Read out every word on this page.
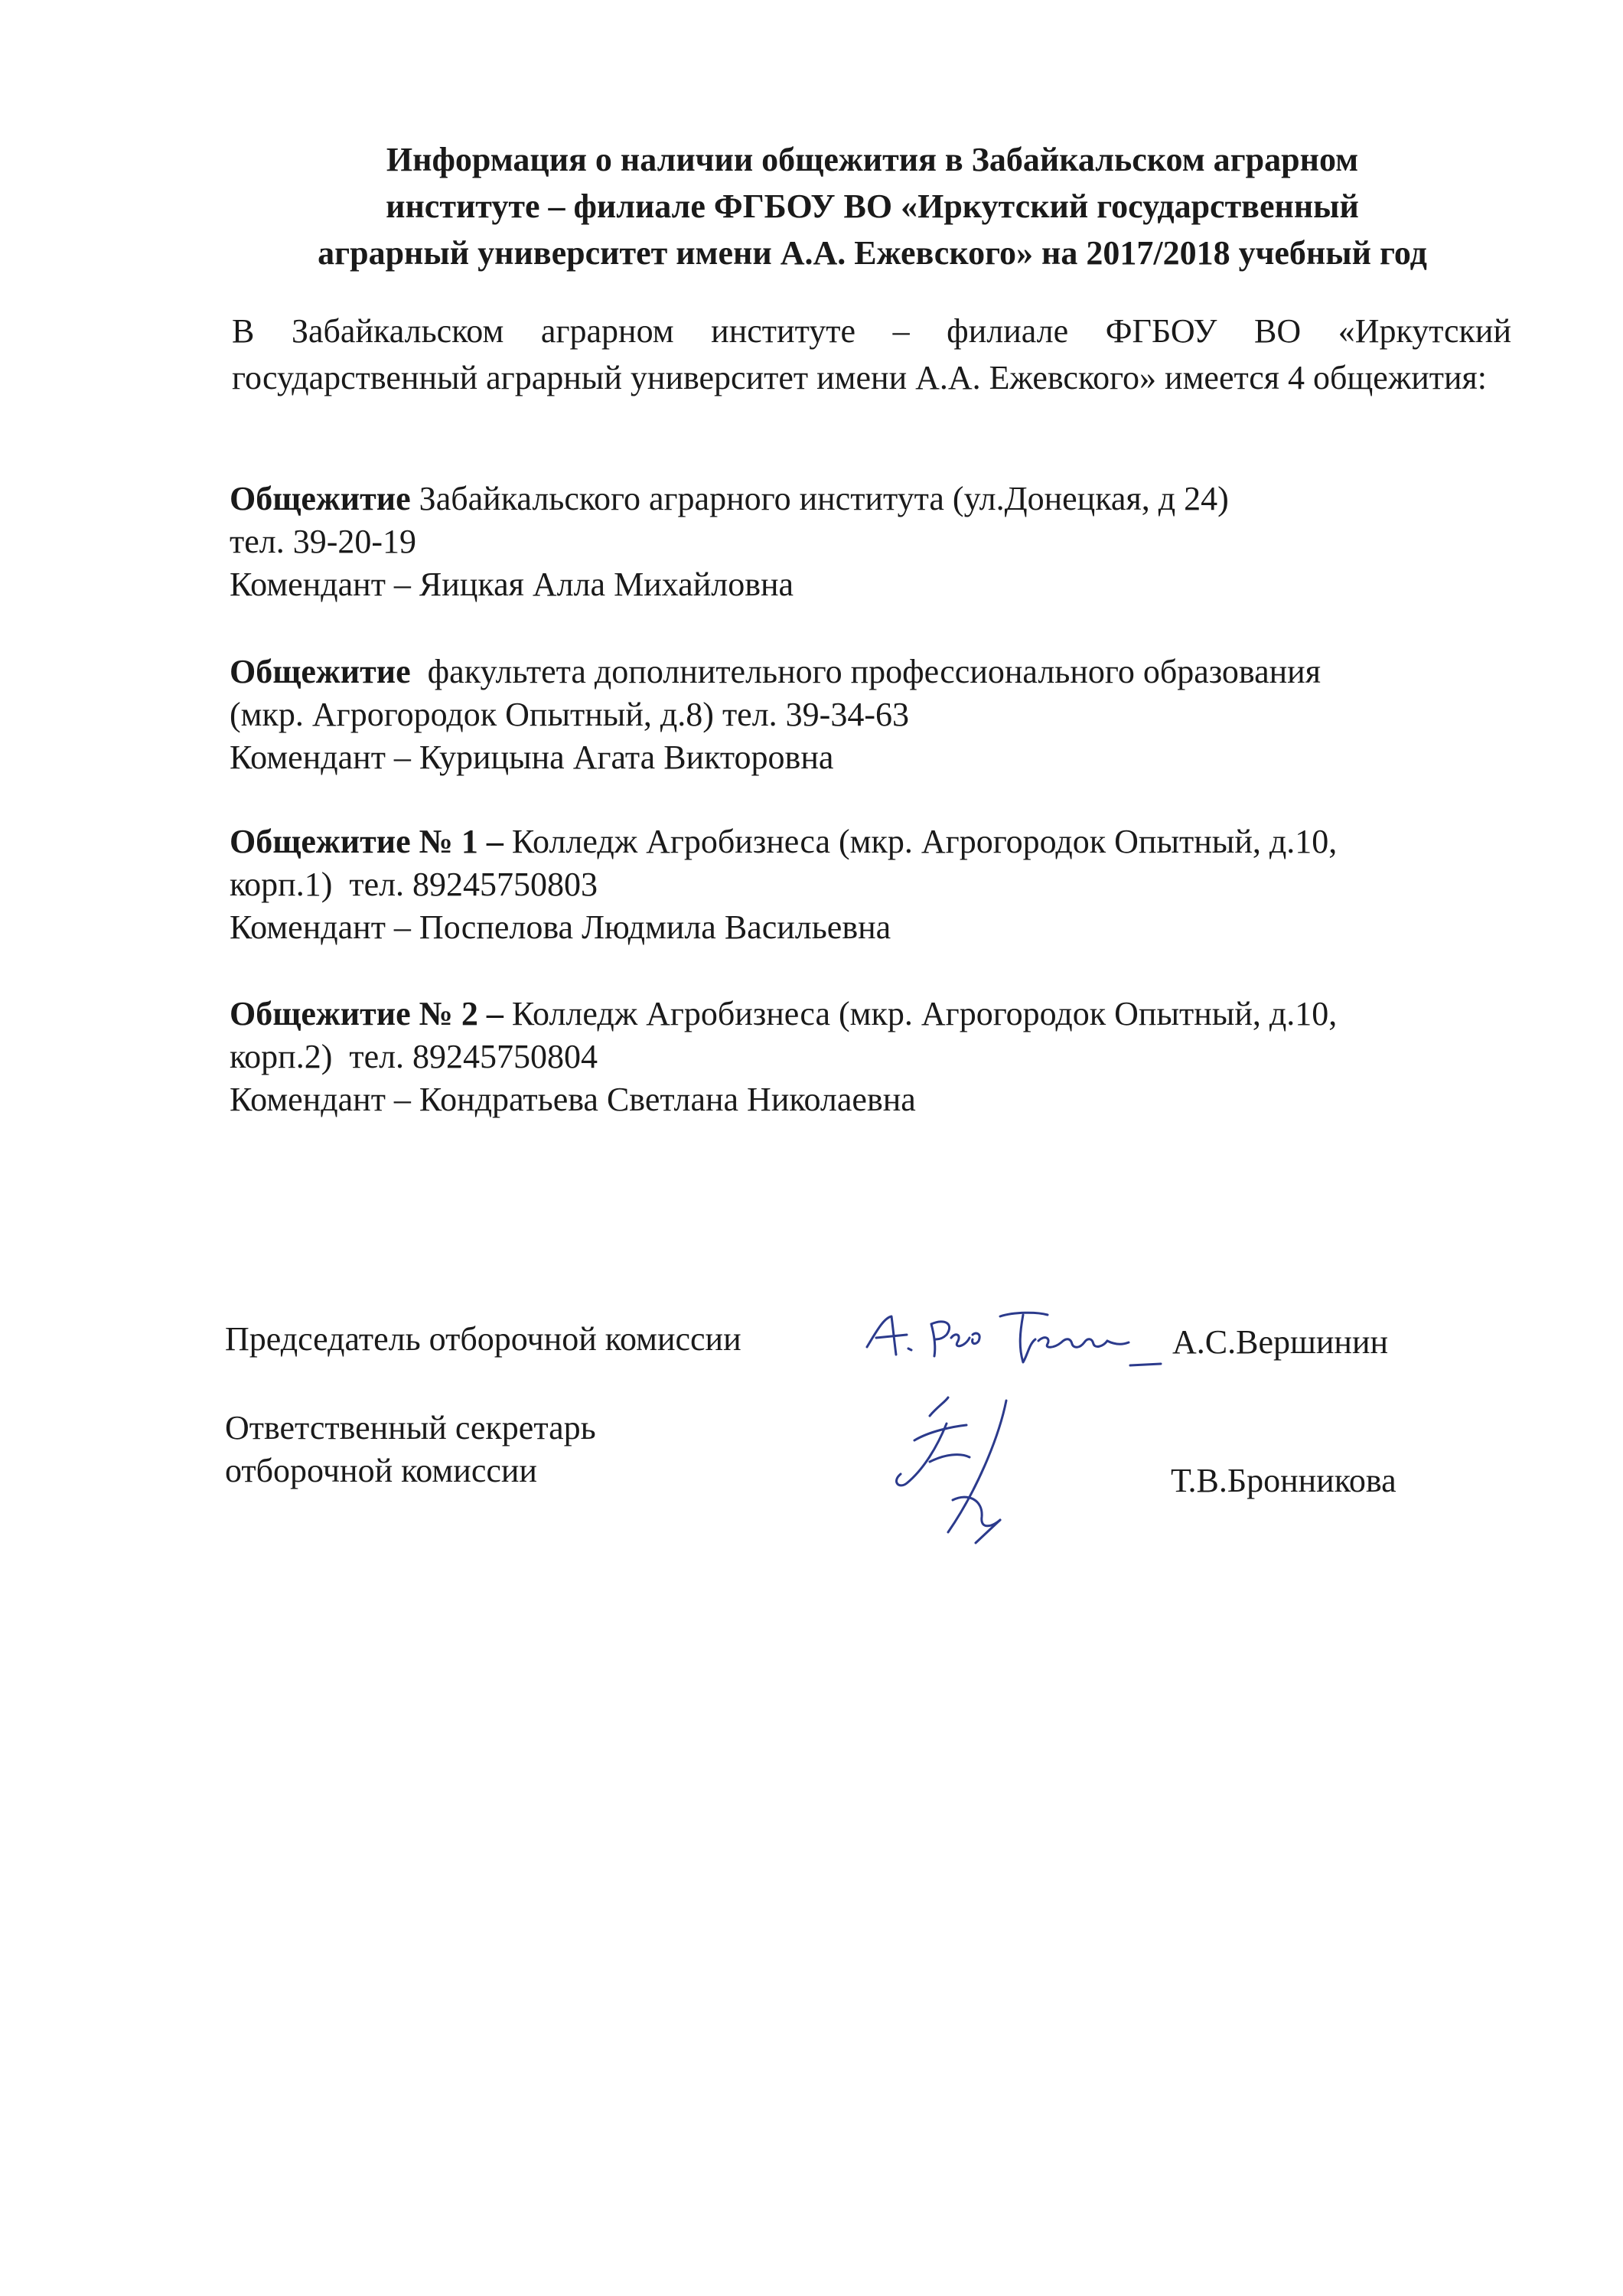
Информация о наличии общежития в Забайкальском аграрном
институте – филиале ФГБОУ ВО «Иркутский государственный
аграрный университет имени А.А. Ежевского» на 2017/2018 учебный год
В Забайкальском аграрном институте – филиале ФГБОУ ВО «Иркутский государственный аграрный университет имени А.А. Ежевского» имеется 4 общежития:
Общежитие Забайкальского аграрного института (ул.Донецкая, д 24)
тел. 39-20-19
Комендант – Яицкая Алла Михайловна
Общежитие  факультета дополнительного профессионального образования
(мкр. Агрогородок Опытный, д.8) тел. 39-34-63
Комендант – Курицына Агата Викторовна
Общежитие № 1 – Колледж Агробизнеса (мкр. Агрогородок Опытный, д.10,
корп.1)  тел. 89245750803
Комендант – Поспелова Людмила Васильевна
Общежитие № 2 – Колледж Агробизнеса (мкр. Агрогородок Опытный, д.10,
корп.2)  тел. 89245750804
Комендант – Кондратьева Светлана Николаевна
Председатель отборочной комиссии	А.С.Вершинин
Ответственный секретарь
отборочной комиссии	Т.В.Бронникова
